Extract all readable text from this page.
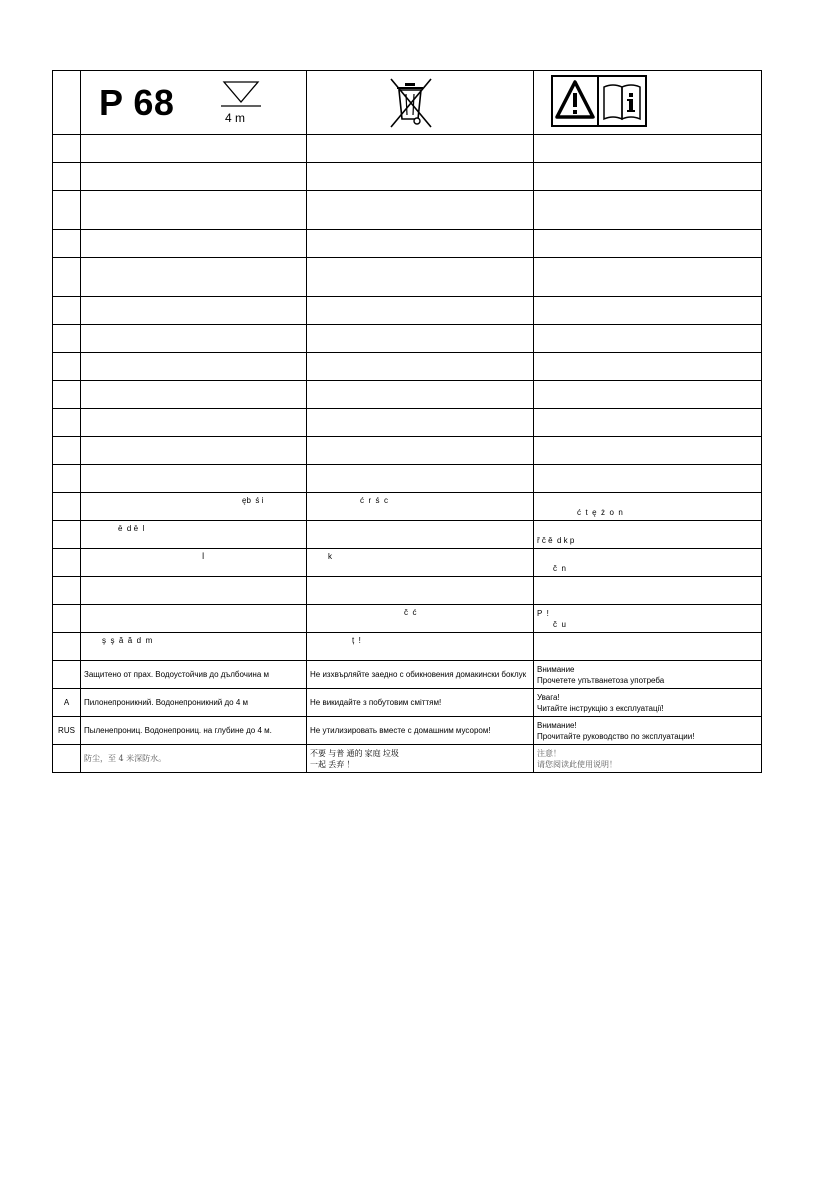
	P 68 4 m

	ęb  ś i	ć  r  ś  c	ć  t  ę  ż  o  n

	ē  d ē  l		ř č ě  d k p

	İ	k	č  n

		č  ć	P  !
č  u

	ş  ş  ă  ă  d  m	ț  !	

	Защитено от прах. Водоустойчив до дълбочина м	Не изхвърляйте заедно с обикновения домакински боклук	Внимание
Прочетете упътванетоза употреба

A	Пилонепроникний. Водонепроникний до 4 м	Не викидайте з побутовим сміттям!	Увага!
Читайте інструкцію з експлуатації!

RUS	Пыленепрониц. Водонепрониц. на глубине до 4 м.	Не утилизировать вместе с домашним мусором!	Внимание!
Прочитайте руководство по эксплуатации!

	防尘，至 4 米深防水。	不要 与普 通的 家庭 垃圾
一起 丢弃 ！	注意！
请您阅读此使用说明！
